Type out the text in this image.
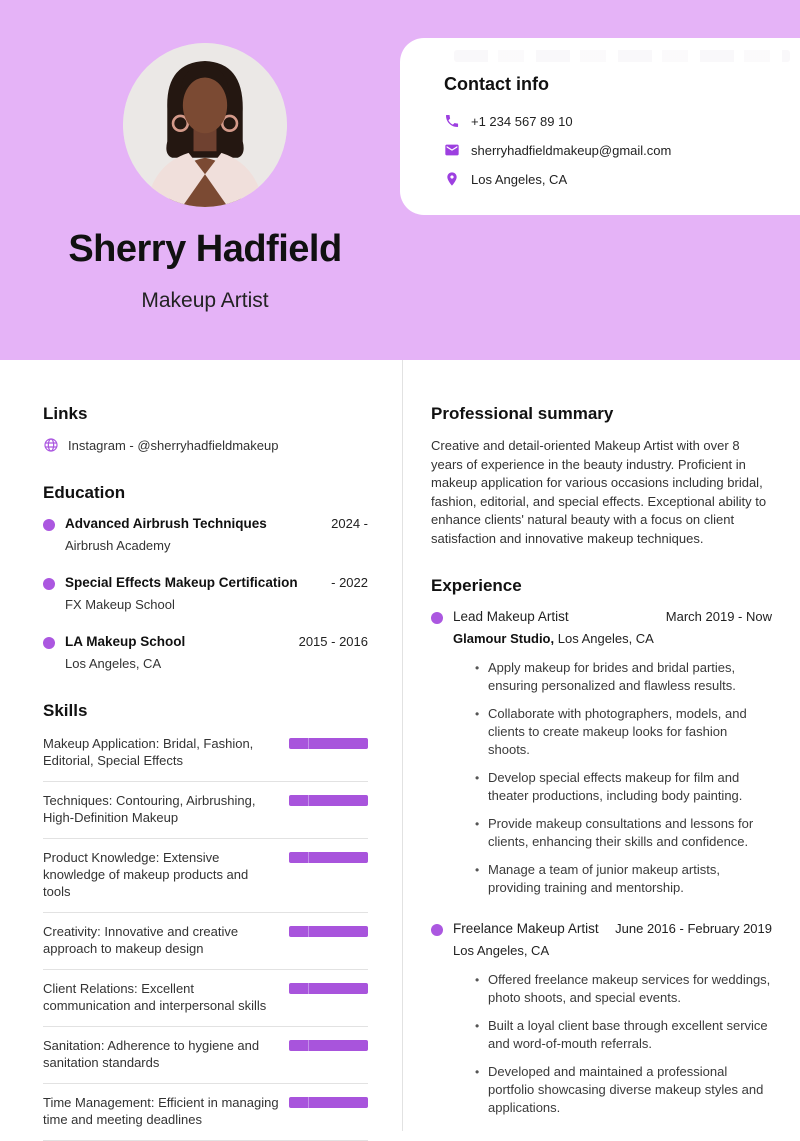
Contact info
+1 234 567 89 10
sherryhadfieldmakeup@gmail.com
Los Angeles, CA
Sherry Hadfield
Makeup Artist
Links
Instagram - @sherryhadfieldmakeup
Education
Advanced Airbrush Techniques	2024 -
Airbrush Academy
Special Effects Makeup Certification	- 2022
FX Makeup School
LA Makeup School	2015 - 2016
Los Angeles, CA
Skills
Makeup Application: Bridal, Fashion, Editorial, Special Effects
Techniques: Contouring, Airbrushing, High-Definition Makeup
Product Knowledge: Extensive knowledge of makeup products and tools
Creativity: Innovative and creative approach to makeup design
Client Relations: Excellent communication and interpersonal skills
Sanitation: Adherence to hygiene and sanitation standards
Time Management: Efficient in managing time and meeting deadlines
Professional summary

Creative and detail-oriented Makeup Artist with over 8 years of experience in the beauty industry. Proficient in makeup application for various occasions including bridal, fashion, editorial, and special effects. Exceptional ability to enhance clients' natural beauty with a focus on client satisfaction and innovative makeup techniques.

Experience
Lead Makeup Artist	March 2019 - Now
Glamour Studio, Los Angeles, CA
• Apply makeup for brides and bridal parties, ensuring personalized and flawless results.
• Collaborate with photographers, models, and clients to create makeup looks for fashion shoots.
• Develop special effects makeup for film and theater productions, including body painting.
• Provide makeup consultations and lessons for clients, enhancing their skills and confidence.
• Manage a team of junior makeup artists, providing training and mentorship.
Freelance Makeup Artist June 2016 - February 2019
Los Angeles, CA
• Offered freelance makeup services for weddings, photo shoots, and special events.
• Built a loyal client base through excellent service and word-of-mouth referrals.
• Developed and maintained a professional portfolio showcasing diverse makeup styles and applications.
